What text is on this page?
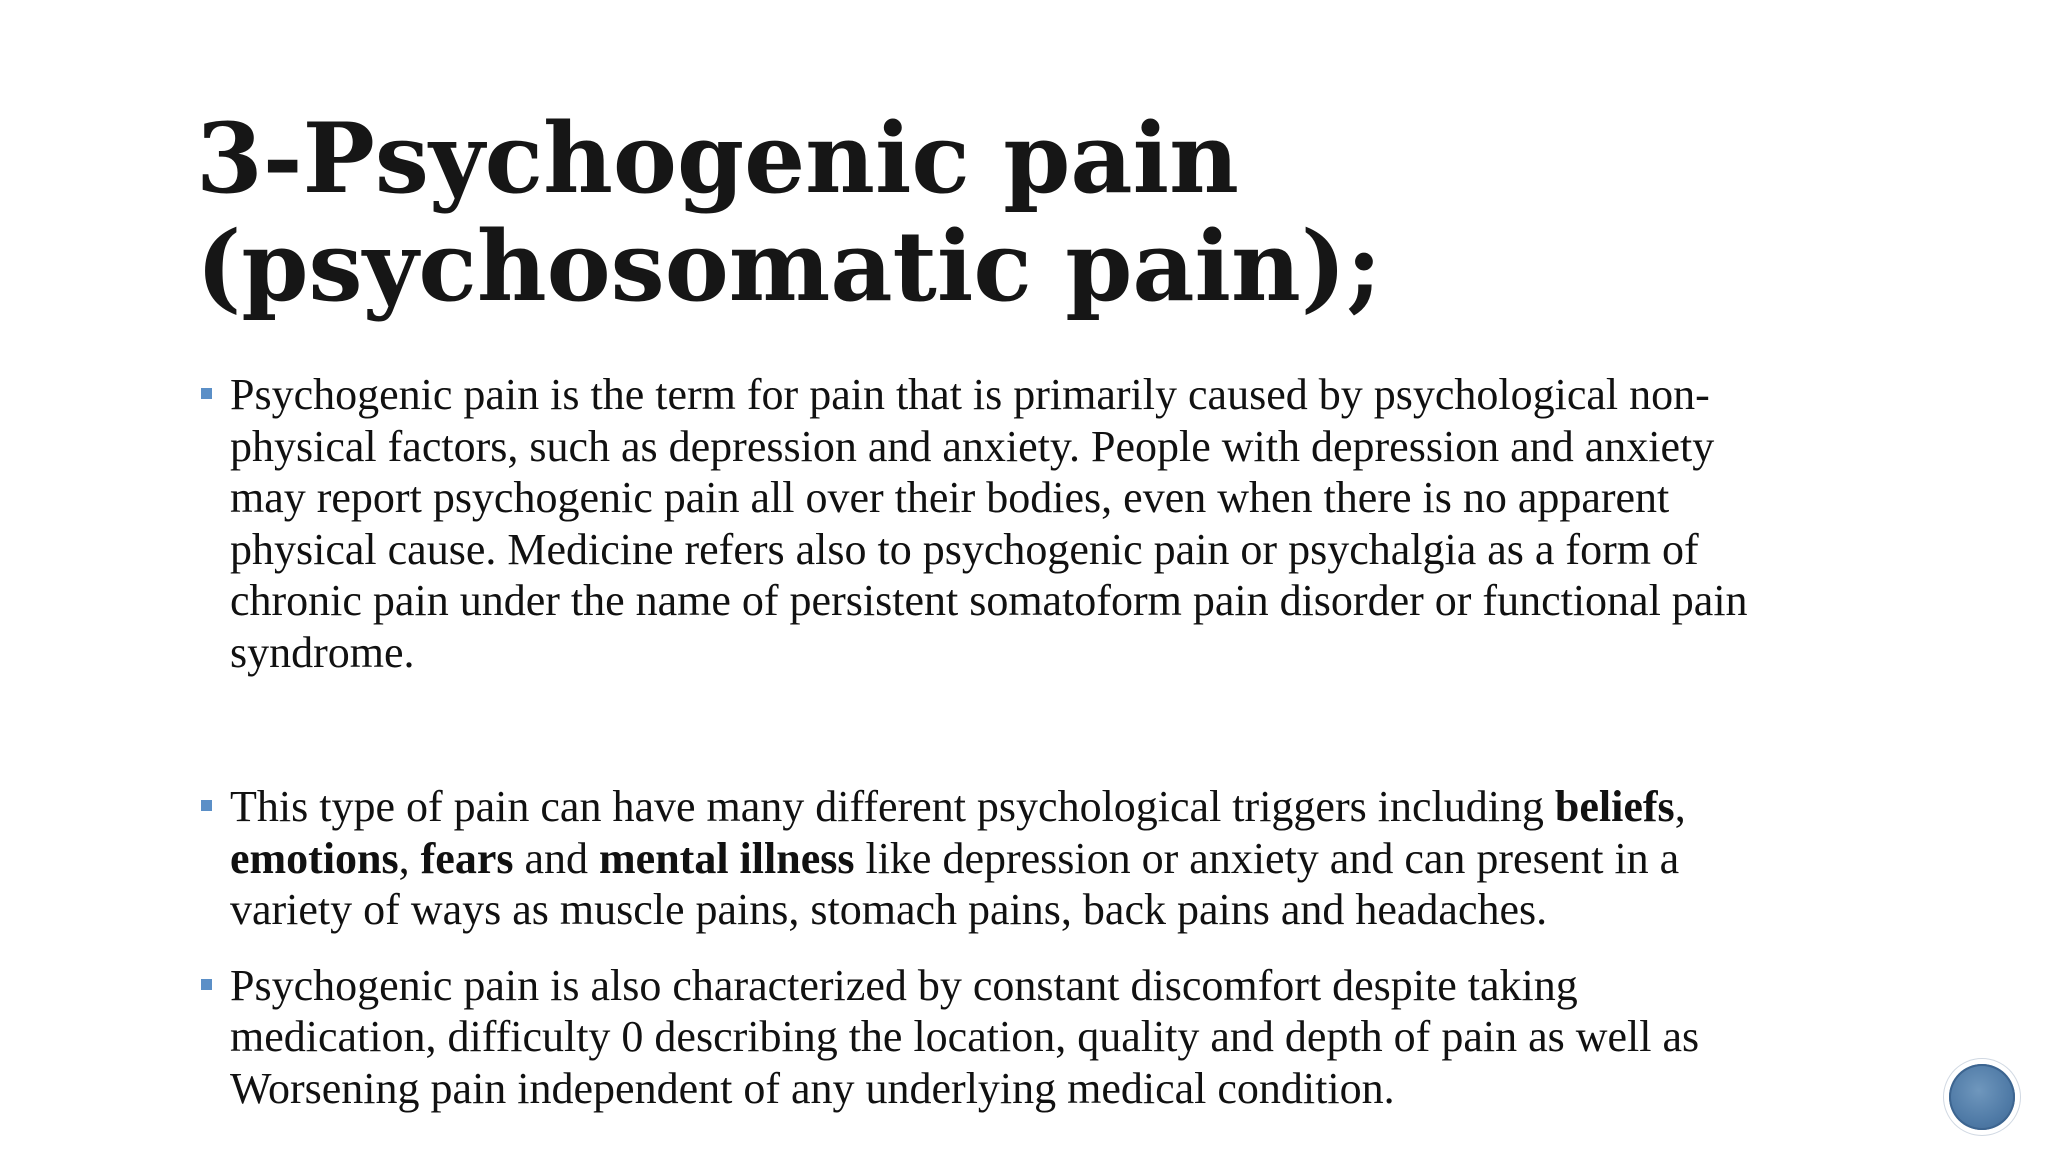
3-Psychogenic pain
(psychosomatic pain);

Psychogenic pain is the term for pain that is primarily caused by psychological non-
physical factors, such as depression and anxiety. People with depression and anxiety
may report psychogenic pain all over their bodies, even when there is no apparent
physical cause. Medicine refers also to psychogenic pain or psychalgia as a form of
chronic pain under the name of persistent somatoform pain disorder or functional pain
syndrome.

This type of pain can have many different psychological triggers including beliefs,
emotions, fears and mental illness like depression or anxiety and can present in a
variety of ways as muscle pains, stomach pains, back pains and headaches.

Psychogenic pain is also characterized by constant discomfort despite taking
medication, difficulty 0 describing the location, quality and depth of pain as well as
Worsening pain independent of any underlying medical condition.
